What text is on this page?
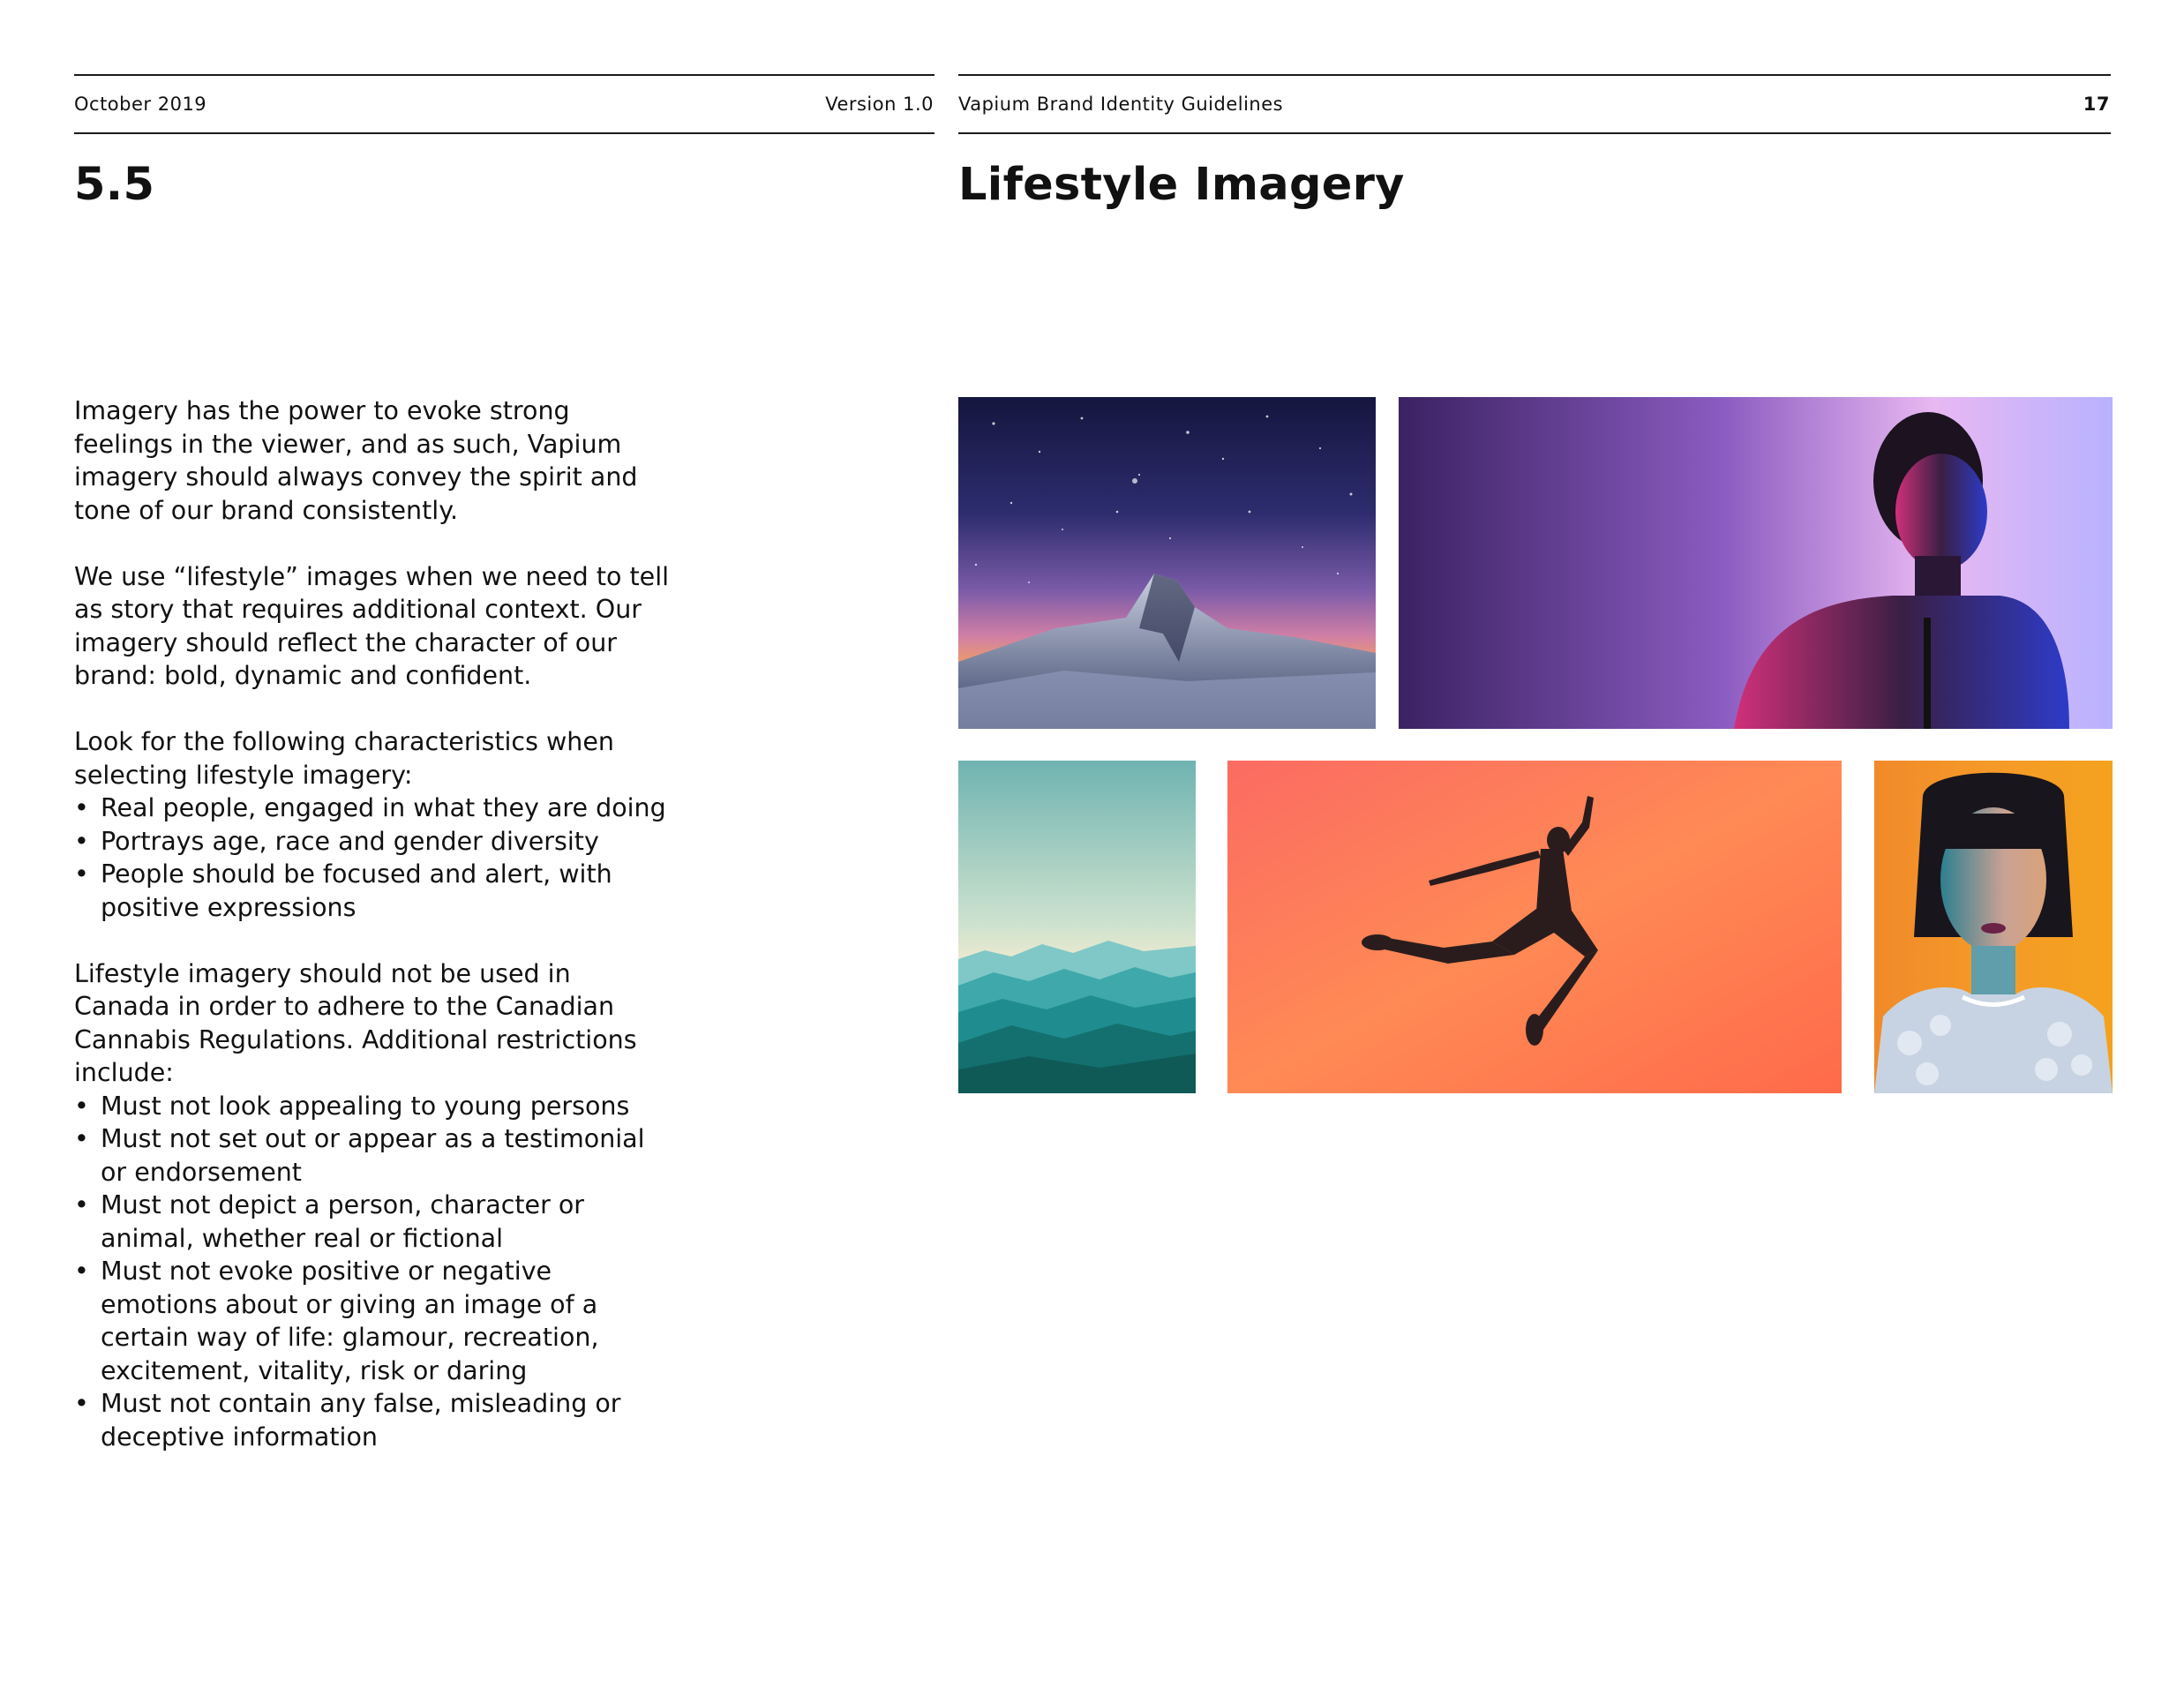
October 2019	Version 1.0 Vapium Brand Identity Guidelines	17
5.5	Lifestyle Imagery

Imagery has the power to evoke strong feelings in the viewer, and as such, Vapium imagery should always convey the spirit and tone of our brand consistently.

We use “lifestyle” images when we need to tell as story that requires additional context. Our imagery should reflect the character of our brand: bold, dynamic and confident.

Look for the following characteristics when selecting lifestyle imagery:
• Real people, engaged in what they are doing
• Portrays age, race and gender diversity
• People should be focused and alert, with positive expressions
Lifestyle imagery should not be used in Canada in order to adhere to the Canadian Cannabis Regulations. Additional restrictions include:
• Must not look appealing to young persons
• Must not set out or appear as a testimonial or endorsement
• Must not depict a person, character or animal, whether real or fictional
• Must not evoke positive or negative emotions about or giving an image of a certain way of life: glamour, recreation, excitement, vitality, risk or daring
• Must not contain any false, misleading or deceptive information
